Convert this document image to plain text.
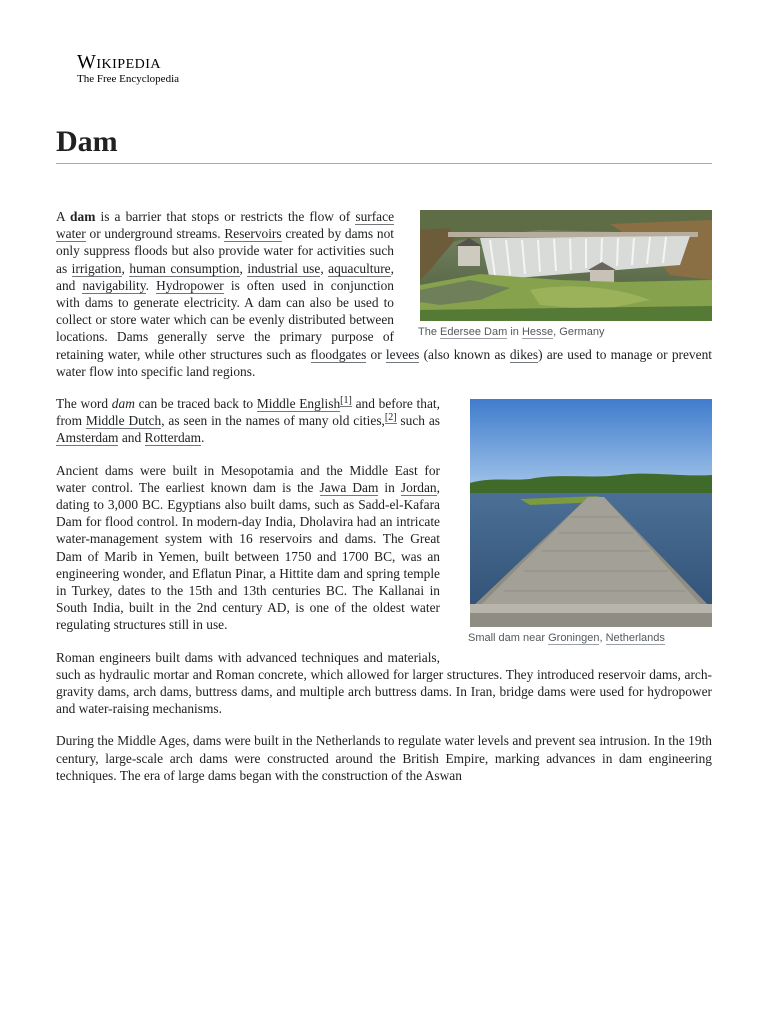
Wikipedia
The Free Encyclopedia
Dam
The Edersee Dam in Hesse, Germany

A dam is a barrier that stops or restricts the flow of surface water or underground streams. Reservoirs created by dams not only suppress floods but also provide water for activities such as irrigation, human consumption, industrial use, aquaculture, and navigability. Hydropower is often used in conjunction with dams to generate electricity. A dam can also be used to collect or store water which can be evenly distributed between locations. Dams generally serve the primary purpose of retaining water, while other structures such as floodgates or levees (also known as dikes) are used to manage or prevent water flow into specific land regions.

Small dam near Groningen, Netherlands

The word dam can be traced back to Middle English[1] and before that, from Middle Dutch, as seen in the names of many old cities,[2] such as Amsterdam and Rotterdam.

Ancient dams were built in Mesopotamia and the Middle East for water control. The earliest known dam is the Jawa Dam in Jordan, dating to 3,000 BC. Egyptians also built dams, such as Sadd-el-Kafara Dam for flood control. In modern-day India, Dholavira had an intricate water-management system with 16 reservoirs and dams. The Great Dam of Marib in Yemen, built between 1750 and 1700 BC, was an engineering wonder, and Eflatun Pinar, a Hittite dam and spring temple in Turkey, dates to the 15th and 13th centuries BC. The Kallanai in South India, built in the 2nd century AD, is one of the oldest water regulating structures still in use.

Roman engineers built dams with advanced techniques and materials, such as hydraulic mortar and Roman concrete, which allowed for larger structures. They introduced reservoir dams, arch-gravity dams, arch dams, buttress dams, and multiple arch buttress dams. In Iran, bridge dams were used for hydropower and water-raising mechanisms.

During the Middle Ages, dams were built in the Netherlands to regulate water levels and prevent sea intrusion. In the 19th century, large-scale arch dams were constructed around the British Empire, marking advances in dam engineering techniques. The era of large dams began with the construction of the Aswan
